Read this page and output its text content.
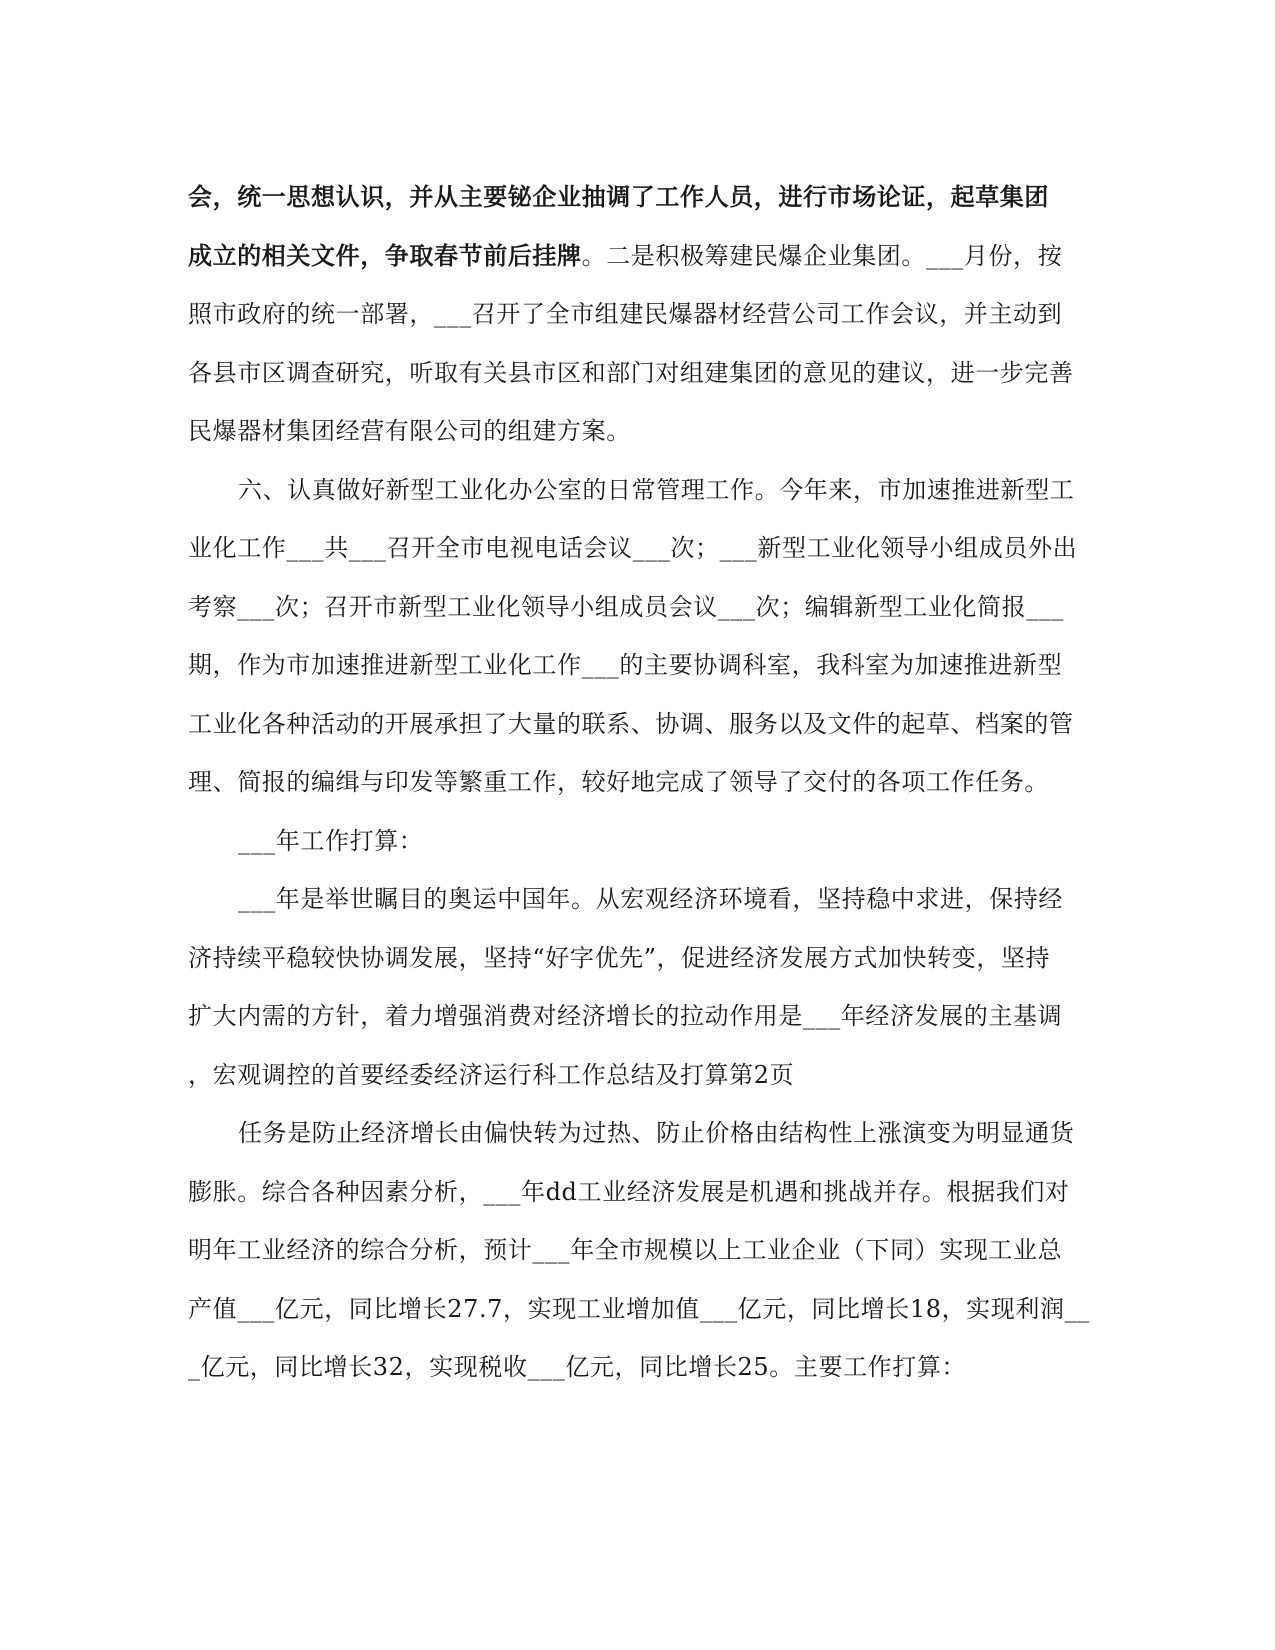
会，统一思想认识，并从主要铋企业抽调了工作人员，进行市场论证，起草集团
成立的相关文件，争取春节前后挂牌。二是积极筹建民爆企业集团。___月份，按
照市政府的统一部署，___召开了全市组建民爆器材经营公司工作会议，并主动到
各县市区调查研究，听取有关县市区和部门对组建集团的意见的建议，进一步完善
民爆器材集团经营有限公司的组建方案。
六、认真做好新型工业化办公室的日常管理工作。今年来，市加速推进新型工
业化工作___共___召开全市电视电话会议___次；___新型工业化领导小组成员外出
考察___次；召开市新型工业化领导小组成员会议___次；编辑新型工业化简报___
期，作为市加速推进新型工业化工作___的主要协调科室，我科室为加速推进新型
工业化各种活动的开展承担了大量的联系、协调、服务以及文件的起草、档案的管
理、简报的编缉与印发等繁重工作，较好地完成了领导了交付的各项工作任务。
___年工作打算：
___年是举世瞩目的奥运中国年。从宏观经济环境看，坚持稳中求进，保持经
济持续平稳较快协调发展，坚持“好字优先”，促进经济发展方式加快转变，坚持
扩大内需的方针，着力增强消费对经济增长的拉动作用是___年经济发展的主基调
，宏观调控的首要经委经济运行科工作总结及打算第2页
任务是防止经济增长由偏快转为过热、防止价格由结构性上涨演变为明显通货
膨胀。综合各种因素分析，___年dd工业经济发展是机遇和挑战并存。根据我们对
明年工业经济的综合分析，预计___年全市规模以上工业企业（下同）实现工业总
产值___亿元，同比增长27.7，实现工业增加值___亿元，同比增长18，实现利润__
_亿元，同比增长32，实现税收___亿元，同比增长25。主要工作打算：
